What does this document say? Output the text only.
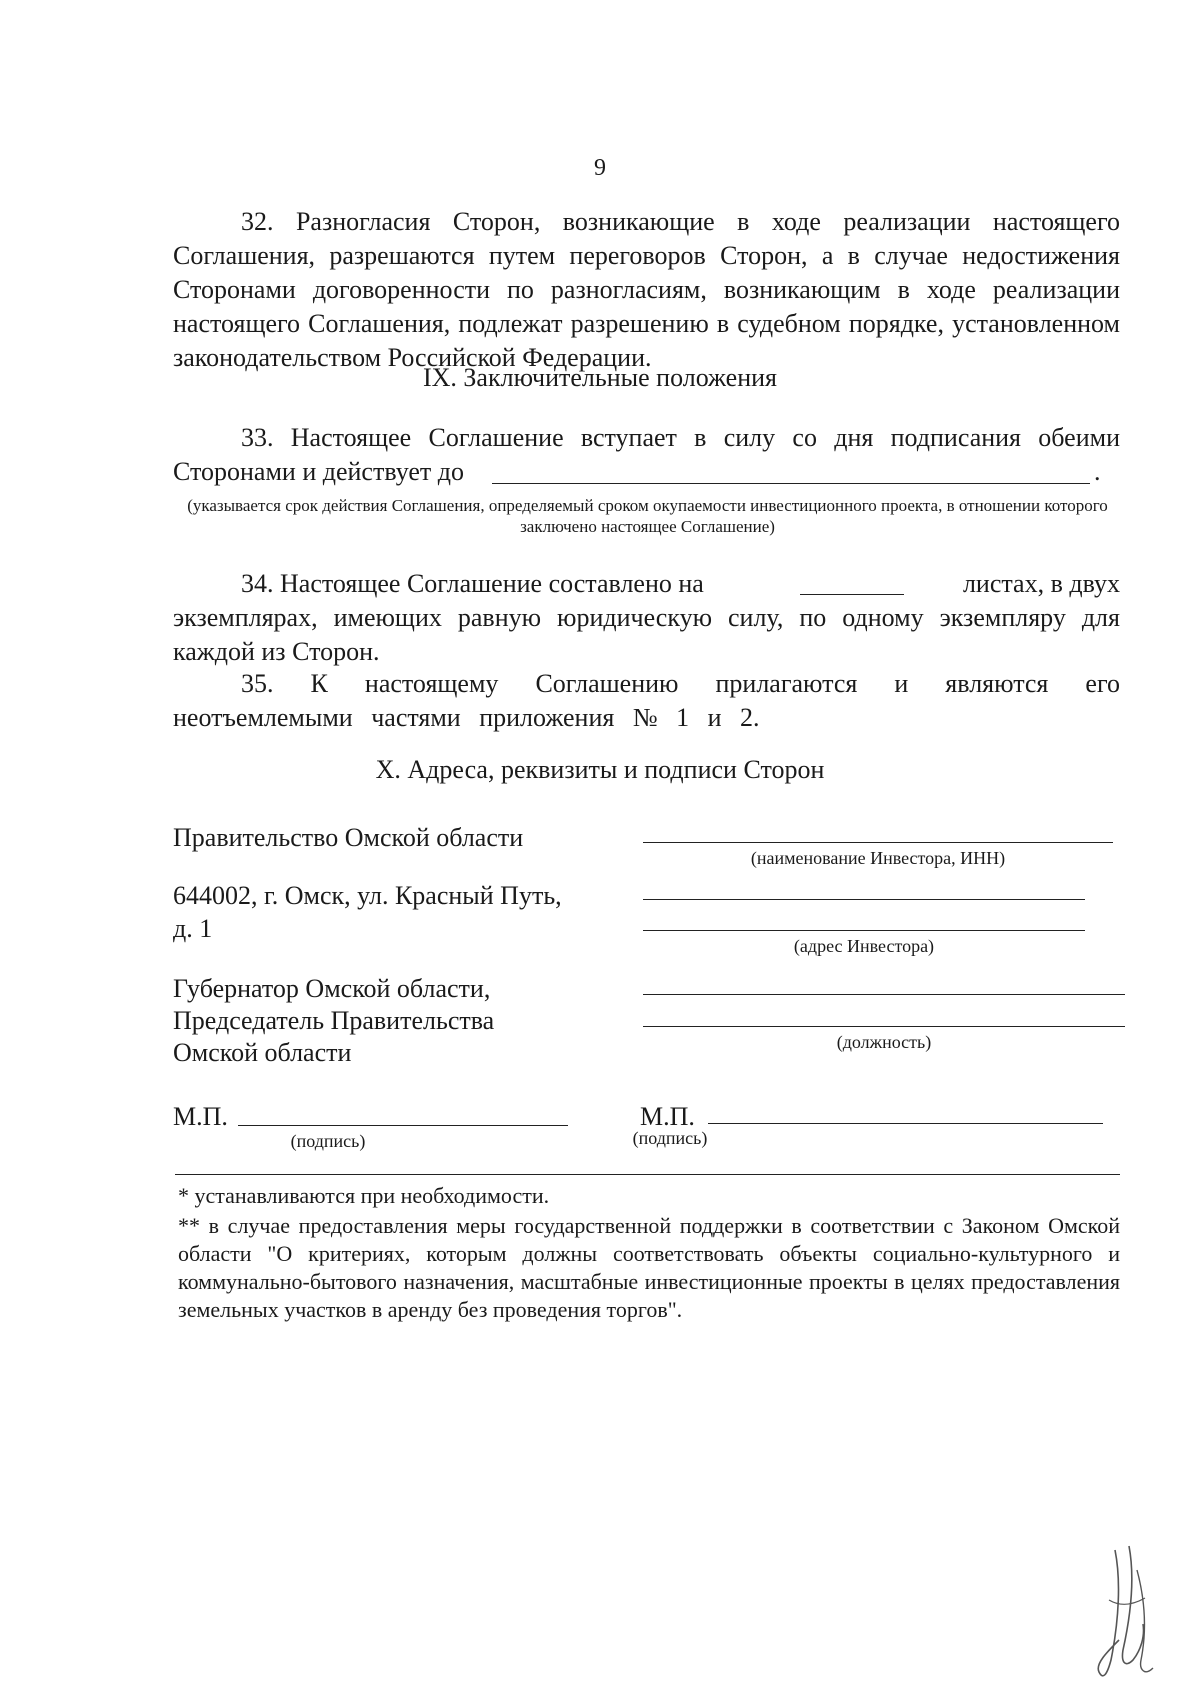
9
32. Разногласия Сторон, возникающие в ходе реализации настоящего Соглашения, разрешаются путем переговоров Сторон, а в случае недостижения Сторонами договоренности по разногласиям, возникающим в ходе реализации настоящего Соглашения, подлежат разрешению в судебном порядке, установленном законодательством Российской Федерации.
IX. Заключительные положения
33. Настоящее Соглашение вступает в силу со дня подписания обеими
Сторонами и действует до	.
(указывается срок действия Соглашения, определяемый сроком окупаемости инвестиционного проекта, в отношении которого заключено настоящее Соглашение)
34. Настоящее Соглашение составлено на	листах, в двух
экземплярах, имеющих равную юридическую силу, по одному экземпляру для каждой из Сторон.
35. К настоящему Соглашению прилагаются и являются его неотъемлемыми частями приложения № 1 и 2.
X. Адреса, реквизиты и подписи Сторон
Правительство Омской области
644002, г. Омск, ул. Красный Путь,
д. 1
Губернатор Омской области,
Председатель Правительства
Омской области
М.П.
(подпись)
(наименование Инвестора, ИНН)
(адрес Инвестора)
(должность)
М.П.
(подпись)
* устанавливаются при необходимости.
** в случае предоставления меры государственной поддержки в соответствии с Законом Омской области "О критериях, которым должны соответствовать объекты социально-культурного и коммунально-бытового назначения, масштабные инвестиционные проекты в целях предоставления земельных участков в аренду без проведения торгов".
